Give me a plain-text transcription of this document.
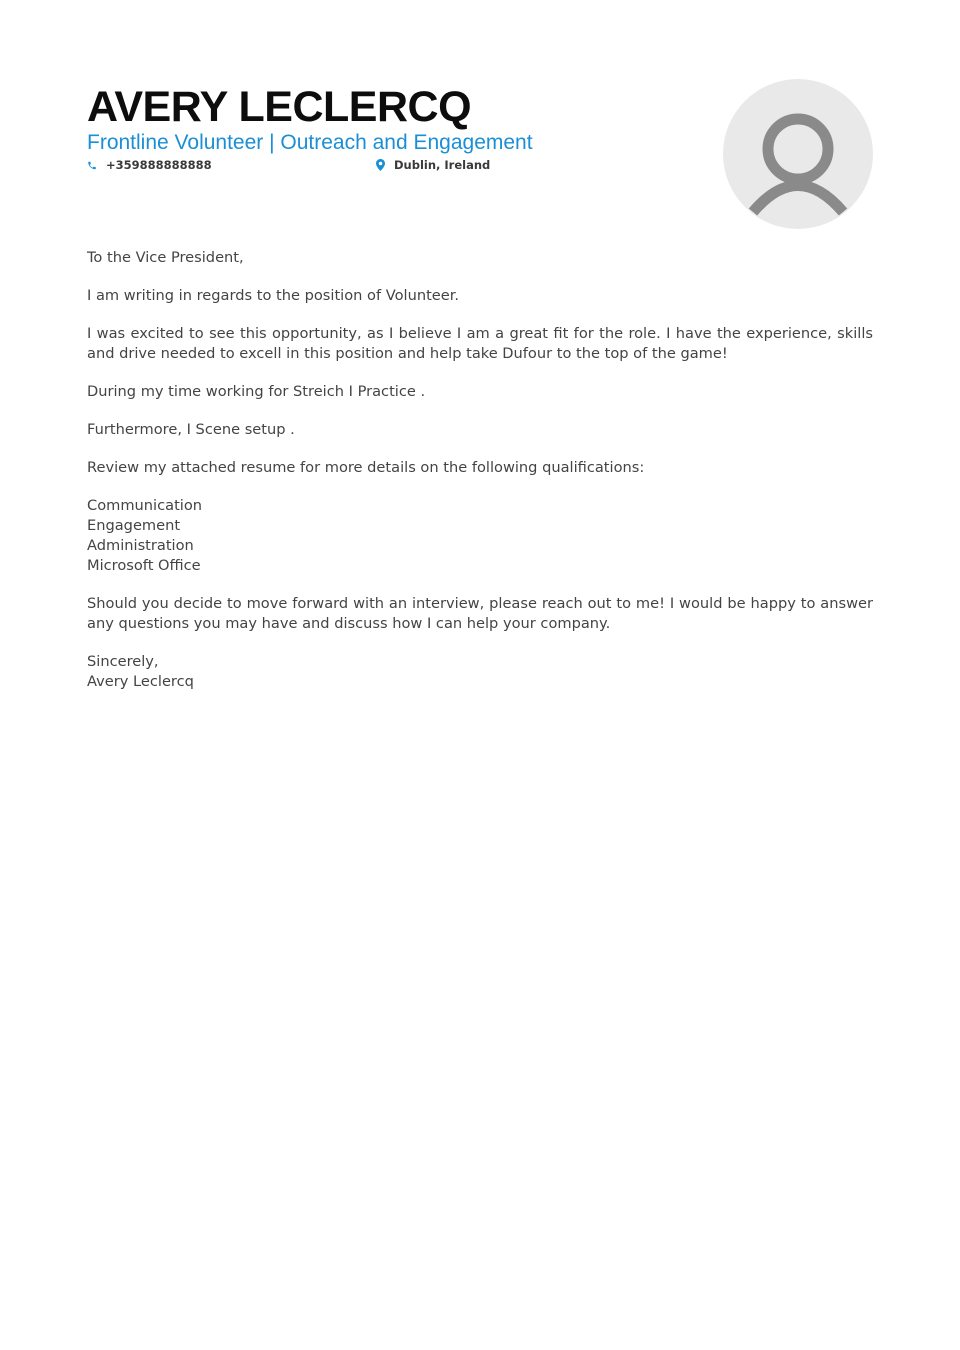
AVERY LECLERCQ
Frontline Volunteer | Outreach and Engagement
+359888888888	Dublin, Ireland

To the Vice President,

I am writing in regards to the position of Volunteer.

I was excited to see this opportunity, as I believe I am a great fit for the role. I have the experience, skills and drive needed to excell in this position and help take Dufour to the top of the game!

During my time working for Streich I Practice .

Furthermore, I Scene setup .

Review my attached resume for more details on the following qualifications:

Communication
Engagement
Administration
Microsoft Office

Should you decide to move forward with an interview, please reach out to me! I would be happy to answer any questions you may have and discuss how I can help your company.

Sincerely,
Avery Leclercq
